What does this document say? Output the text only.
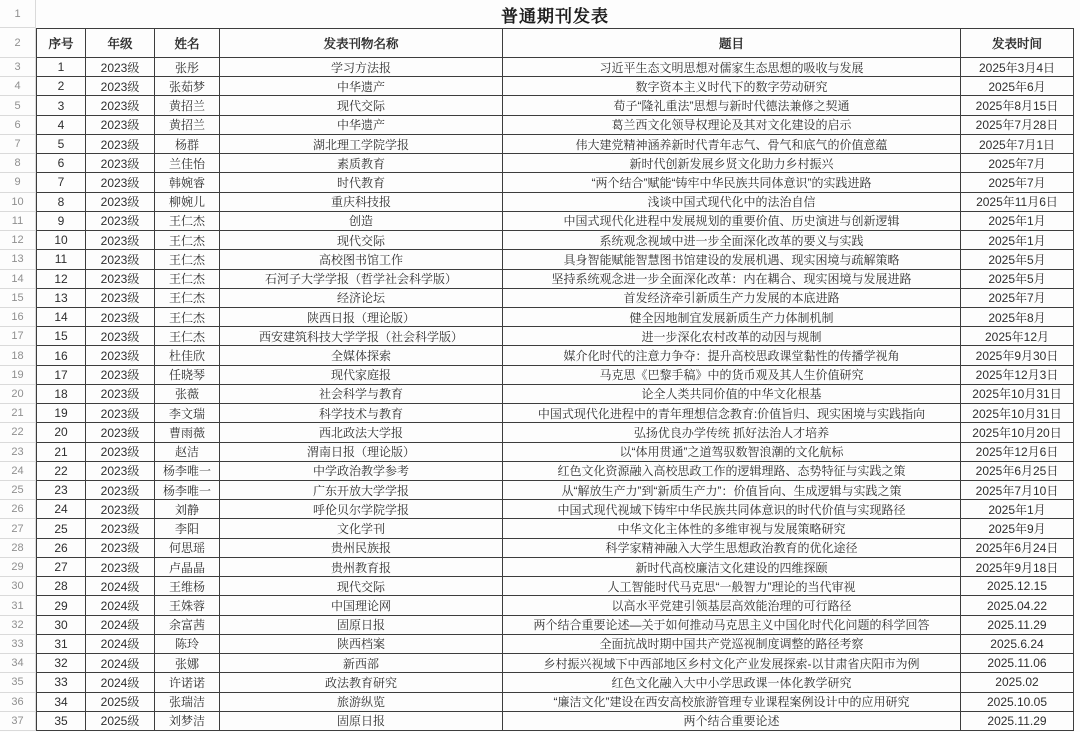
1	普通期刊发表
2	序号	年级	姓名	发表刊物名称	题目	发表时间
3	1	2023级	张彤	学习方法报	习近平生态文明思想对儒家生态思想的吸收与发展	2025年3月4日
4	2	2023级	张茹梦	中华遗产	数字资本主义时代下的数字劳动研究	2025年6月
5	3	2023级	黄招兰	现代交际	荀子“隆礼重法”思想与新时代德法兼修之契通	2025年8月15日
6	4	2023级	黄招兰	中华遗产	葛兰西文化领导权理论及其对文化建设的启示	2025年7月28日
7	5	2023级	杨群	湖北理工学院学报	伟大建党精神涵养新时代青年志气、骨气和底气的价值意蕴	2025年7月1日
8	6	2023级	兰佳怡	素质教育	新时代创新发展乡贤文化助力乡村振兴	2025年7月
9	7	2023级	韩婉睿	时代教育	“两个结合”赋能“铸牢中华民族共同体意识”的实践进路	2025年7月
10	8	2023级	柳婉儿	重庆科技报	浅谈中国式现代化中的法治自信	2025年11月6日
11	9	2023级	王仁杰	创造	中国式现代化进程中发展规划的重要价值、历史演进与创新逻辑	2025年1月
12	10	2023级	王仁杰	现代交际	系统观念视域中进一步全面深化改革的要义与实践	2025年1月
13	11	2023级	王仁杰	高校图书馆工作	具身智能赋能智慧图书馆建设的发展机遇、现实困境与疏解策略	2025年5月
14	12	2023级	王仁杰	石河子大学学报（哲学社会科学版）	坚持系统观念进一步全面深化改革：内在耦合、现实困境与发展进路	2025年5月
15	13	2023级	王仁杰	经济论坛	首发经济牵引新质生产力发展的本底进路	2025年7月
16	14	2023级	王仁杰	陕西日报（理论版）	健全因地制宜发展新质生产力体制机制	2025年8月
17	15	2023级	王仁杰	西安建筑科技大学学报（社会科学版）	进一步深化农村改革的动因与规制	2025年12月
18	16	2023级	杜佳欣	全媒体探索	媒介化时代的注意力争夺：提升高校思政课堂黏性的传播学视角	2025年9月30日
19	17	2023级	任晓琴	现代家庭报	马克思《巴黎手稿》中的货币观及其人生价值研究	2025年12月3日
20	18	2023级	张薇	社会科学与教育	论全人类共同价值的中华文化根基	2025年10月31日
21	19	2023级	李文瑞	科学技术与教育	中国式现代化进程中的青年理想信念教育:价值旨归、现实困境与实践指向	2025年10月31日
22	20	2023级	曹雨薇	西北政法大学报	弘扬优良办学传统 抓好法治人才培养	2025年10月20日
23	21	2023级	赵洁	渭南日报（理论版）	以“体用贯通”之道驾驭数智浪潮的文化航标	2025年12月6日
24	22	2023级	杨李唯一	中学政治教学参考	红色文化资源融入高校思政工作的逻辑理路、态势特征与实践之策	2025年6月25日
25	23	2023级	杨李唯一	广东开放大学学报	从“解放生产力”到“新质生产力”：价值旨向、生成逻辑与实践之策	2025年7月10日
26	24	2023级	刘静	呼伦贝尔学院学报	中国式现代视域下铸牢中华民族共同体意识的时代价值与实现路径	2025年1月
27	25	2023级	李阳	文化学刊	中华文化主体性的多维审视与发展策略研究	2025年9月
28	26	2023级	何思瑶	贵州民族报	科学家精神融入大学生思想政治教育的优化途径	2025年6月24日
29	27	2023级	卢晶晶	贵州教育报	新时代高校廉洁文化建设的四维探颐	2025年9月18日
30	28	2024级	王维杨	现代交际	人工智能时代马克思“一般智力”理论的当代审视	2025.12.15
31	29	2024级	王姝蓉	中国理论网	以高水平党建引领基层高效能治理的可行路径	2025.04.22
32	30	2024级	余富茜	固原日报	两个结合重要论述—关于如何推动马克思主义中国化时代化问题的科学回答	2025.11.29
33	31	2024级	陈玲	陕西档案	全面抗战时期中国共产党巡视制度调整的路径考察	2025.6.24
34	32	2024级	张娜	新西部	乡村振兴视域下中西部地区乡村文化产业发展探索-以甘肃省庆阳市为例	2025.11.06
35	33	2024级	许诺诺	政法教育研究	红色文化融入大中小学思政课一体化教学研究	2025.02
36	34	2025级	张瑞洁	旅游纵览	“廉洁文化”建设在西安高校旅游管理专业课程案例设计中的应用研究	2025.10.05
37	35	2025级	刘梦洁	固原日报	两个结合重要论述	2025.11.29
